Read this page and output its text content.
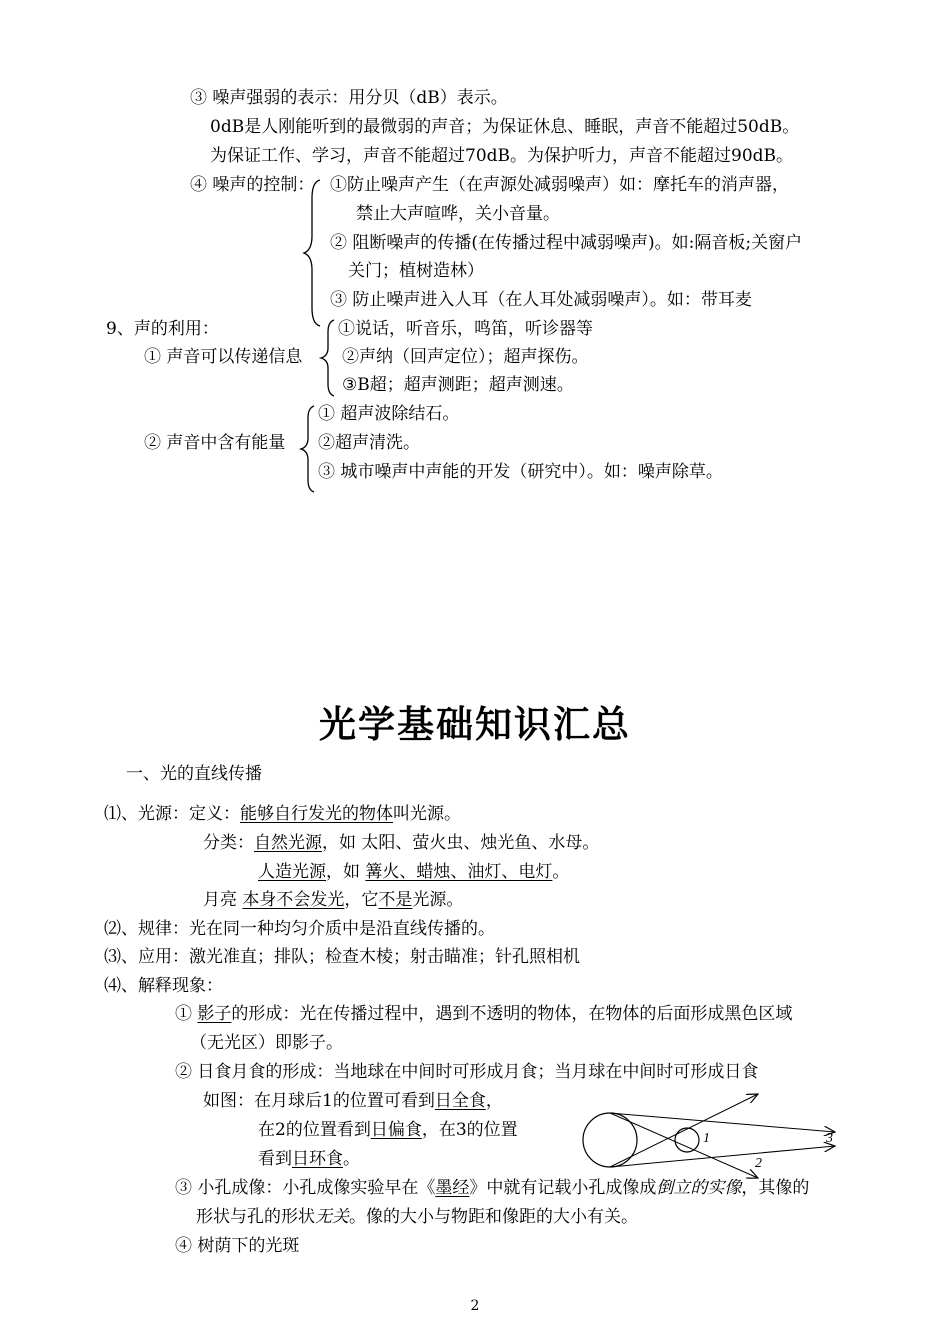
③ 噪声强弱的表示：用分贝（dB）表示。
0dB是人刚能听到的最微弱的声音；为保证休息、睡眠，声音不能超过50dB。
为保证工作、学习，声音不能超过70dB。为保护听力，声音不能超过90dB。
④ 噪声的控制： ①防止噪声产生（在声源处减弱噪声）如：摩托车的消声器，
禁止大声喧哗，关小音量。
② 阻断噪声的传播(在传播过程中减弱噪声)。如:隔音板;关窗户
关门；植树造林）
③ 防止噪声进入人耳（在人耳处减弱噪声）。如：带耳麦
9、声的利用：
① 声音可以传递信息
①说话，听音乐，鸣笛，听诊器等
②声纳（回声定位）；超声探伤。
③B超；超声测距；超声测速。
② 声音中含有能量
① 超声波除结石。
②超声清洗。
③ 城市噪声中声能的开发（研究中）。如：噪声除草。
光学基础知识汇总
一、光的直线传播
⑴、光源：定义：能够自行发光的物体叫光源。
分类：自然光源，如 太阳、萤火虫、烛光鱼、水母。
人造光源，如 篝火、蜡烛、油灯、电灯。
月亮 本身不会发光，它不是光源。
⑵、规律：光在同一种均匀介质中是沿直线传播的。
⑶、应用：激光准直；排队；检查木棱；射击瞄准；针孔照相机
⑷、解释现象：
① 影子的形成：光在传播过程中，遇到不透明的物体，在物体的后面形成黑色区域
（无光区）即影子。
② 日食月食的形成：当地球在中间时可形成月食；当月球在中间时可形成日食
如图：在月球后1的位置可看到日全食，
在2的位置看到日偏食，在3的位置
看到日环食。
1
2
3
③ 小孔成像：小孔成像实验早在《墨经》中就有记载小孔成像成倒立的实像，其像的
形状与孔的形状无关。像的大小与物距和像距的大小有关。
④ 树荫下的光斑
2
